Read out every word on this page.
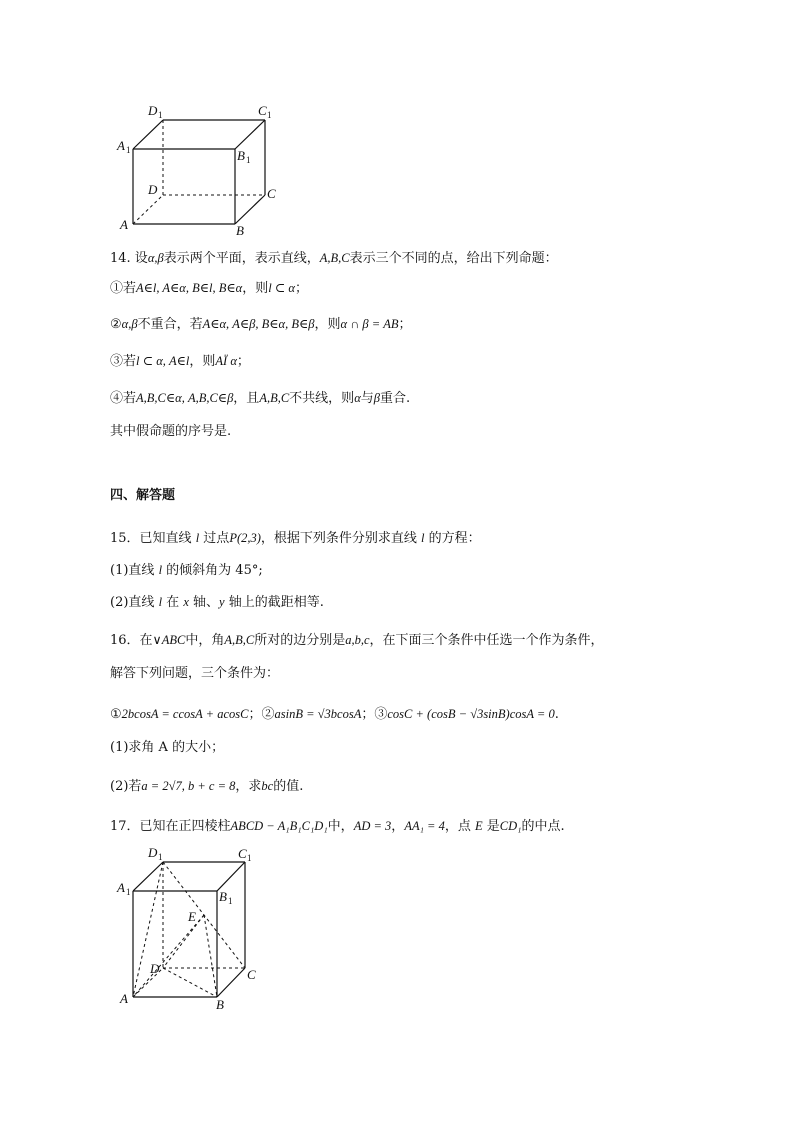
D 1	C 1
A 1	B 1
D	C
A	B
14. 设α,β表示两个平面，表示直线，A,B,C表示三个不同的点，给出下列命题：
①若A∈l, A∈α, B∈l, B∈α，则l ⊂ α；
②α,β不重合，若A∈α, A∈β, B∈α, B∈β，则α ∩ β = AB；
③若l ⊂ α, A∈l，则AÏ α；
④若A,B,C∈α, A,B,C∈β，且A,B,C不共线，则α与β重合.
其中假命题的序号是.
四、解答题
15．已知直线 l 过点P(2,3)，根据下列条件分别求直线 l 的方程：
(1)直线 l 的倾斜角为 45°;
(2)直线 l 在 x 轴、y 轴上的截距相等.
16．在∨ABC中，角A,B,C所对的边分别是a,b,c，在下面三个条件中任选一个作为条件，
解答下列问题，三个条件为：
①2bcosA = ccosA + acosC；②asinB = √3bcosA；③cosC + (cosB − √3sinB)cosA = 0.
(1)求角 A 的大小；
(2)若a = 2√7, b + c = 8，求bc的值.
17．已知在正四棱柱ABCD − A₁B₁C₁D₁中，AD = 3，AA₁ = 4，点 E 是CD₁的中点.
D 1	C 1
A 1	B 1
E
D	C
A	B
